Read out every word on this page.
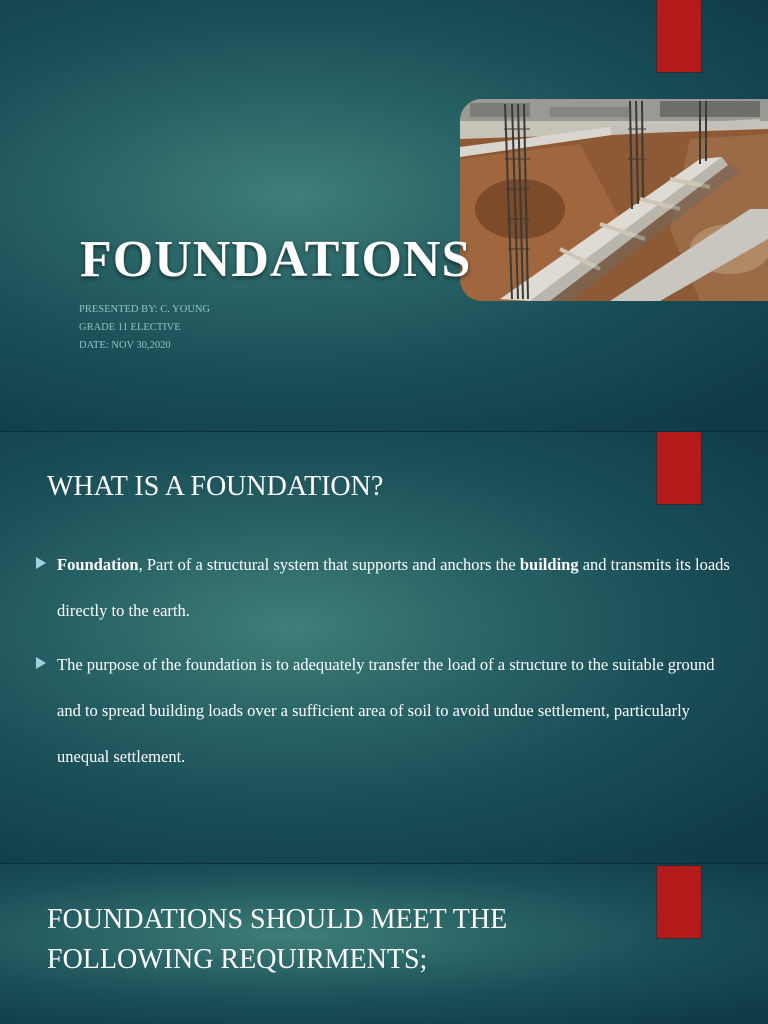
FOUNDATIONS
PRESENTED BY: C. YOUNG
GRADE 11 ELECTIVE
DATE: NOV 30,2020
WHAT IS A FOUNDATION?
Foundation, Part of a structural system that supports and anchors the building and transmits its loads directly to the earth.
The purpose of the foundation is to adequately transfer the load of a structure to the suitable ground and to spread building loads over a sufficient area of soil to avoid undue settlement, particularly unequal settlement.
FOUNDATIONS SHOULD MEET THE
FOLLOWING REQUIRMENTS;
